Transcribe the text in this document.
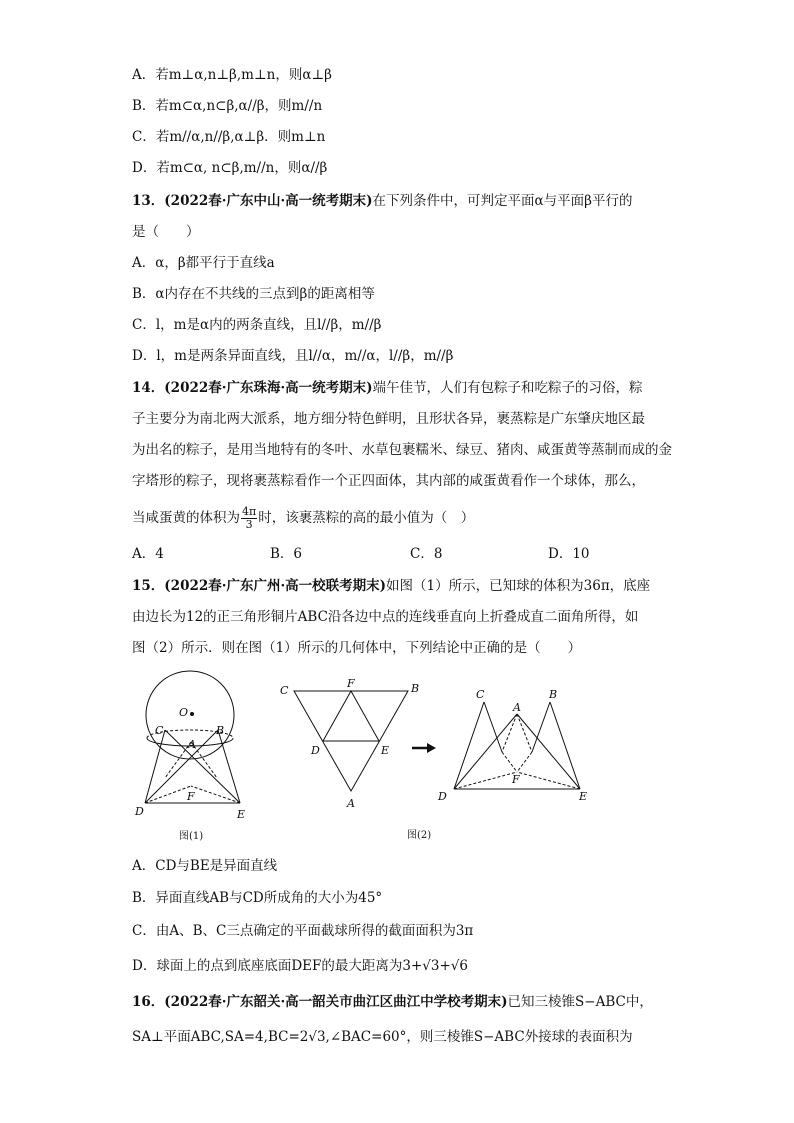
A．若m⊥α,n⊥β,m⊥n，则α⊥β
B．若m⊂α,n⊂β,α//β，则m//n
C．若m//α,n//β,α⊥β．则m⊥n
D．若m⊂α, n⊂β,m//n，则α//β
13．(2022春·广东中山·高一统考期末)在下列条件中，可判定平面α与平面β平行的
是（　　）
A．α，β都平行于直线a
B．α内存在不共线的三点到β的距离相等
C．l，m是α内的两条直线，且l//β，m//β
D．l，m是两条异面直线，且l//α，m//α，l//β，m//β
14．(2022春·广东珠海·高一统考期末)端午佳节，人们有包粽子和吃粽子的习俗，粽
子主要分为南北两大派系，地方细分特色鲜明，且形状各异，裹蒸粽是广东肇庆地区最
为出名的粽子，是用当地特有的冬叶、水草包裹糯米、绿豆、猪肉、咸蛋黄等蒸制而成的金
字塔形的粽子，现将裹蒸粽看作一个正四面体，其内部的咸蛋黄看作一个球体，那么，
当咸蛋黄的体积为 $\frac{4\pi}{3}$ 时，该裹蒸粽的高的最小值为（　）
A．4	B．6	C．8	D．10
15．(2022春·广东广州·高一校联考期末)如图（1）所示，已知球的体积为36π，底座
由边长为12的正三角形铜片ABC沿各边中点的连线垂直向上折叠成直二面角所得，如
图（2）所示．则在图（1）所示的几何体中，下列结论中正确的是（　　）
O
C	B
A
F
D	E
图(1)
C
F	B
D	E
A
C
A
B
F
D	E
图(2)
A．CD与BE是异面直线
B．异面直线AB与CD所成角的大小为45°
C．由A、B、C三点确定的平面截球所得的截面面积为3π
D．球面上的点到底座底面DEF的最大距离为3+√3+√6
16．(2022春·广东韶关·高一韶关市曲江区曲江中学校考期末)已知三棱锥S−ABC中，
SA⊥平面ABC,SA=4,BC=2√3,∠BAC=60°，则三棱锥S−ABC外接球的表面积为
